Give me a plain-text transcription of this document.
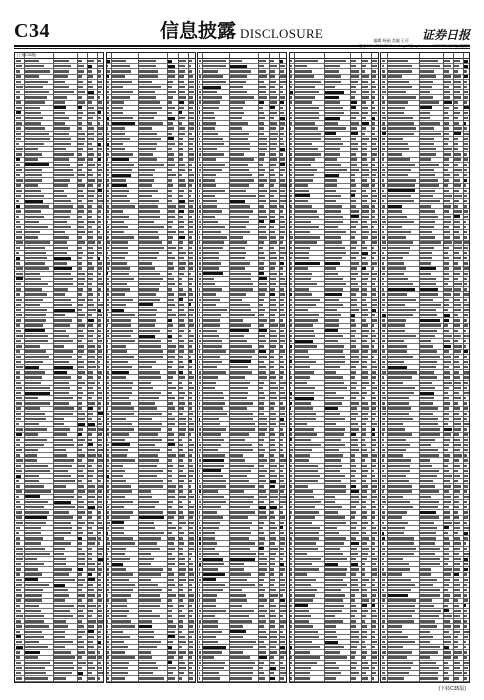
C34	信息披露 DISCLOSURE	编辑 杨丽 美编 王可 证券日报
(上接C33版)
(下转C35版)
